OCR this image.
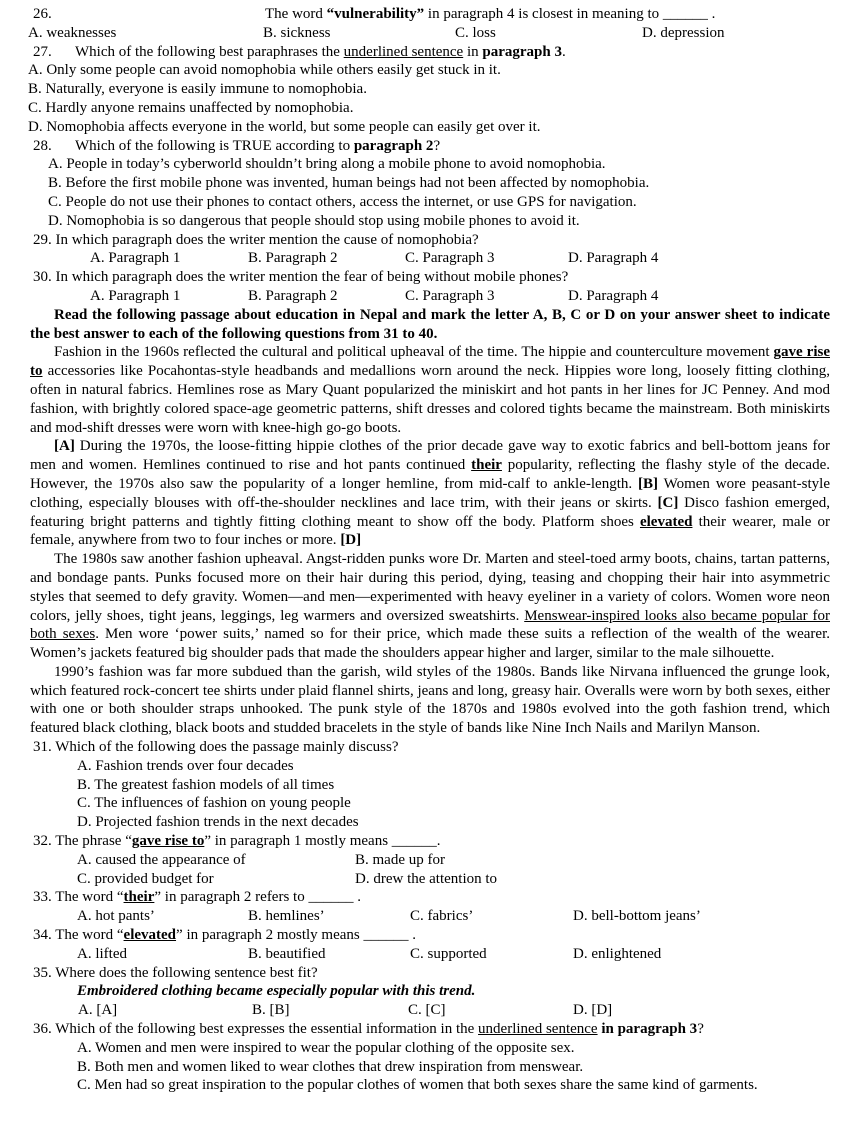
26.	The word “vulnerability” in paragraph 4 is closest in meaning to ______ .
A. weaknesses	B. sickness	C. loss	D. depression
27. Which of the following best paraphrases the underlined sentence in paragraph 3.
A. Only some people can avoid nomophobia while others easily get stuck in it.
B. Naturally, everyone is easily immune to nomophobia.
C. Hardly anyone remains unaffected by nomophobia.
D. Nomophobia affects everyone in the world, but some people can easily get over it.
28. Which of the following is TRUE according to paragraph 2?
A. People in today’s cyberworld shouldn’t bring along a mobile phone to avoid nomophobia.
B. Before the first mobile phone was invented, human beings had not been affected by nomophobia.
C. People do not use their phones to contact others, access the internet, or use GPS for navigation.
D. Nomophobia is so dangerous that people should stop using mobile phones to avoid it.
29. In which paragraph does the writer mention the cause of nomophobia?
A. Paragraph 1	B. Paragraph 2	C. Paragraph 3	D. Paragraph 4
30. In which paragraph does the writer mention the fear of being without mobile phones?
A. Paragraph 1	B. Paragraph 2	C. Paragraph 3	D. Paragraph 4
Read the following passage about education in Nepal and mark the letter A, B, C or D on your answer sheet to indicate the best answer to each of the following questions from 31 to 40.
Fashion in the 1960s reflected the cultural and political upheaval of the time. The hippie and counterculture movement gave rise to accessories like Pocahontas-style headbands and medallions worn around the neck. Hippies wore long, loosely fitting clothing, often in natural fabrics. Hemlines rose as Mary Quant popularized the miniskirt and hot pants in her lines for JC Penney. And mod fashion, with brightly colored space-age geometric patterns, shift dresses and colored tights became the mainstream. Both miniskirts and mod-shift dresses were worn with knee-high go-go boots.
[A] During the 1970s, the loose-fitting hippie clothes of the prior decade gave way to exotic fabrics and bell-bottom jeans for men and women. Hemlines continued to rise and hot pants continued their popularity, reflecting the flashy style of the decade. However, the 1970s also saw the popularity of a longer hemline, from mid-calf to ankle-length. [B] Women wore peasant-style clothing, especially blouses with off-the-shoulder necklines and lace trim, with their jeans or skirts. [C] Disco fashion emerged, featuring bright patterns and tightly fitting clothing meant to show off the body. Platform shoes elevated their wearer, male or female, anywhere from two to four inches or more. [D]
The 1980s saw another fashion upheaval. Angst-ridden punks wore Dr. Marten and steel-toed army boots, chains, tartan patterns, and bondage pants. Punks focused more on their hair during this period, dying, teasing and chopping their hair into asymmetric styles that seemed to defy gravity. Women—and men—experimented with heavy eyeliner in a variety of colors. Women wore neon colors, jelly shoes, tight jeans, leggings, leg warmers and oversized sweatshirts. Menswear-inspired looks also became popular for both sexes. Men wore ‘power suits,’ named so for their price, which made these suits a reflection of the wealth of the wearer. Women’s jackets featured big shoulder pads that made the shoulders appear higher and larger, similar to the male silhouette.
1990’s fashion was far more subdued than the garish, wild styles of the 1980s. Bands like Nirvana influenced the grunge look, which featured rock-concert tee shirts under plaid flannel shirts, jeans and long, greasy hair. Overalls were worn by both sexes, either with one or both shoulder straps unhooked. The punk style of the 1870s and 1980s evolved into the goth fashion trend, which featured black clothing, black boots and studded bracelets in the style of bands like Nine Inch Nails and Marilyn Manson.
31. Which of the following does the passage mainly discuss?
A. Fashion trends over four decades
B. The greatest fashion models of all times
C. The influences of fashion on young people
D. Projected fashion trends in the next decades
32. The phrase “gave rise to” in paragraph 1 mostly means ______.
A. caused the appearance of	B. made up for
C. provided budget for	D. drew the attention to
33. The word “their” in paragraph 2 refers to ______ .
A. hot pants’	B. hemlines’	C. fabrics’	D. bell-bottom jeans’
34. The word “elevated” in paragraph 2 mostly means ______ .
A. lifted	B. beautified	C. supported	D. enlightened
35. Where does the following sentence best fit?
Embroidered clothing became especially popular with this trend.
A. [A]	B. [B]	C. [C]	D. [D]
36. Which of the following best expresses the essential information in the underlined sentence in paragraph 3?
A. Women and men were inspired to wear the popular clothing of the opposite sex.
B. Both men and women liked to wear clothes that drew inspiration from menswear.
C. Men had so great inspiration to the popular clothes of women that both sexes share the same kind of garments.
